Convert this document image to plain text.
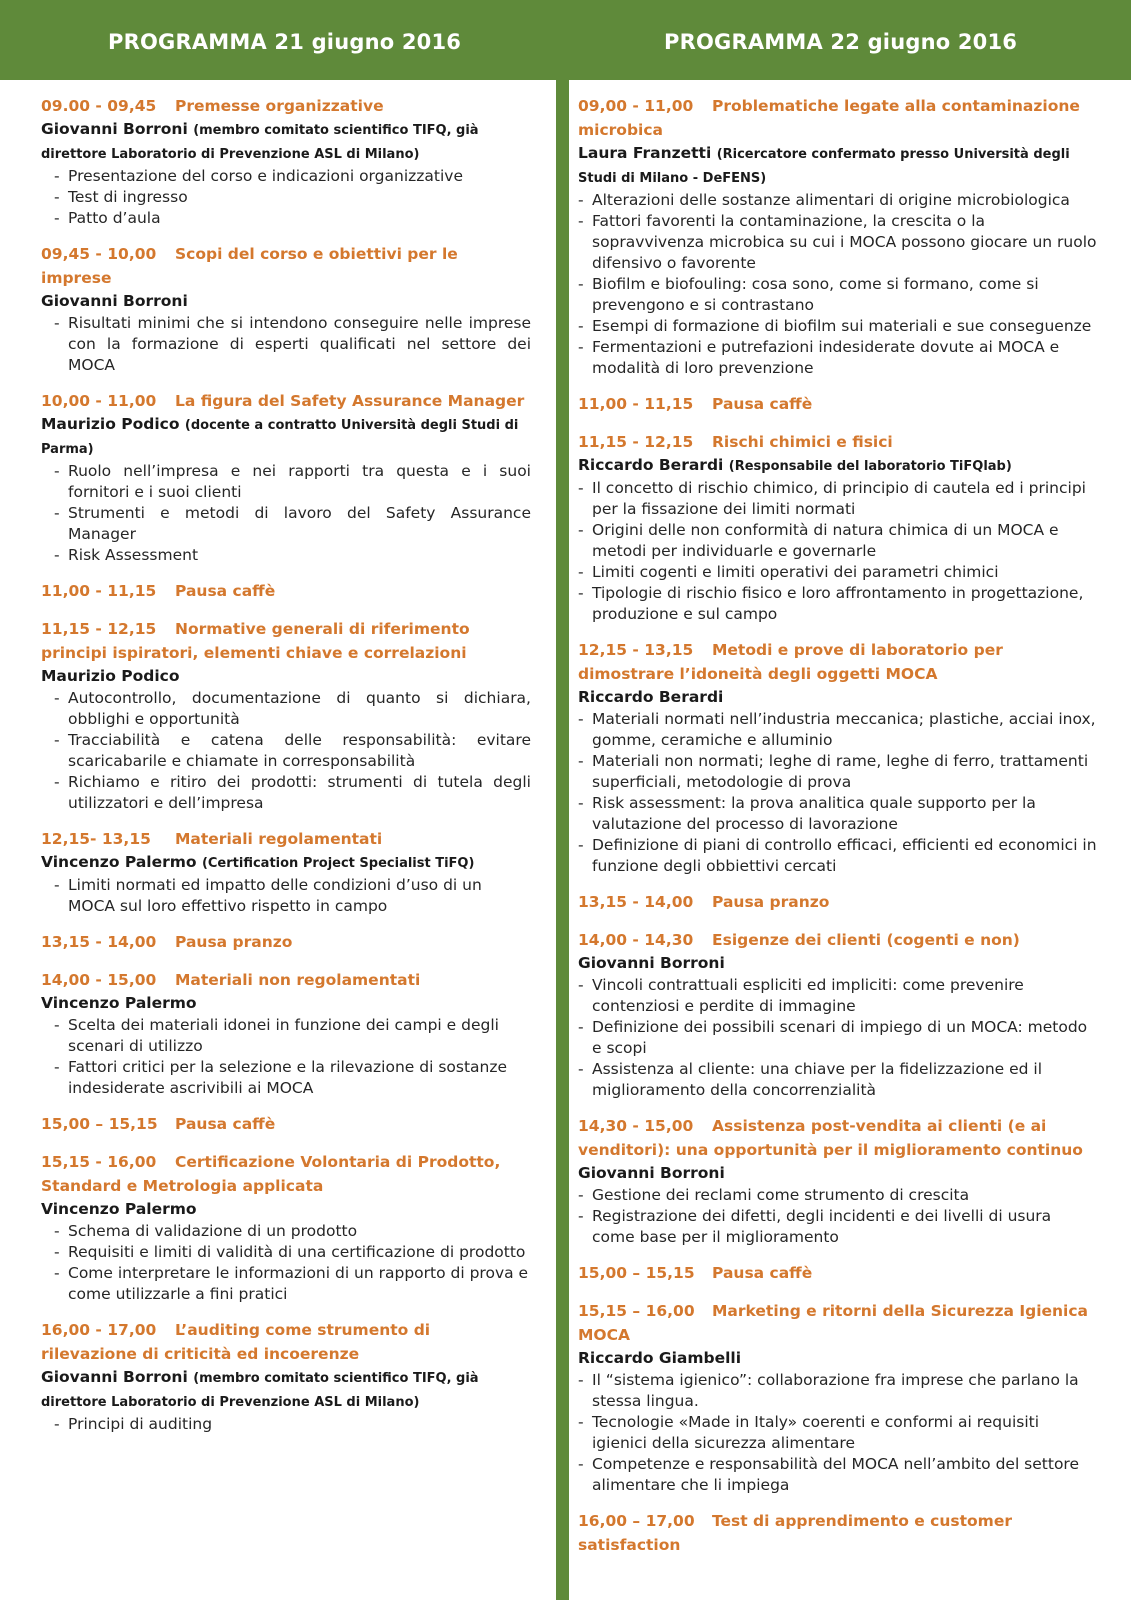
PROGRAMMA 21 giugno 2016	PROGRAMMA 22 giugno 2016
09.00 - 09,45 Premesse organizzative
Giovanni Borroni (membro comitato scientifico TIFQ, già direttore Laboratorio di Prevenzione ASL di Milano)
- Presentazione del corso e indicazioni organizzative
- Test di ingresso
- Patto d’aula
09,45 - 10,00 Scopi del corso e obiettivi per le imprese
Giovanni Borroni
- Risultati minimi che si intendono conseguire nelle imprese con la formazione di esperti qualificati nel settore dei MOCA
10,00 - 11,00 La figura del Safety Assurance Manager
Maurizio Podico (docente a contratto Università degli Studi di Parma)
- Ruolo nell’impresa e nei rapporti tra questa e i suoi fornitori e i suoi clienti
- Strumenti e metodi di lavoro del Safety Assurance Manager
- Risk Assessment
11,00 - 11,15 Pausa caffè
11,15 - 12,15 Normative generali di riferimento principi ispiratori, elementi chiave e correlazioni
Maurizio Podico
- Autocontrollo, documentazione di quanto si dichiara, obblighi e opportunità
- Tracciabilità e catena delle responsabilità: evitare scaricabarile e chiamate in corresponsabilità
- Richiamo e ritiro dei prodotti: strumenti di tutela degli utilizzatori e dell’impresa
12,15- 13,15 Materiali regolamentati
Vincenzo Palermo (Certification Project Specialist TiFQ)
- Limiti normati ed impatto delle condizioni d’uso di un MOCA sul loro effettivo rispetto in campo
13,15 - 14,00 Pausa pranzo
14,00 - 15,00 Materiali non regolamentati
Vincenzo Palermo
- Scelta dei materiali idonei in funzione dei campi e degli scenari di utilizzo
- Fattori critici per la selezione e la rilevazione di sostanze indesiderate ascrivibili ai MOCA
15,00 – 15,15 Pausa caffè
15,15 - 16,00 Certificazione Volontaria di Prodotto, Standard e Metrologia applicata
Vincenzo Palermo
- Schema di validazione di un prodotto
- Requisiti e limiti di validità di una certificazione di prodotto
- Come interpretare le informazioni di un rapporto di prova e come utilizzarle a fini pratici
16,00 - 17,00 L’auditing come strumento di rilevazione di criticità ed incoerenze
Giovanni Borroni (membro comitato scientifico TIFQ, già direttore Laboratorio di Prevenzione ASL di Milano)
- Principi di auditing
09,00 - 11,00 Problematiche legate alla contaminazione microbica
Laura Franzetti (Ricercatore confermato presso Università degli Studi di Milano - DeFENS)
- Alterazioni delle sostanze alimentari di origine microbiologica
- Fattori favorenti la contaminazione, la crescita o la sopravvivenza microbica su cui i MOCA possono giocare un ruolo difensivo o favorente
- Biofilm e biofouling: cosa sono, come si formano, come si prevengono e si contrastano
- Esempi di formazione di biofilm sui materiali e sue conseguenze
- Fermentazioni e putrefazioni indesiderate dovute ai MOCA e modalità di loro prevenzione
11,00 - 11,15 Pausa caffè
11,15 - 12,15 Rischi chimici e fisici
Riccardo Berardi (Responsabile del laboratorio TiFQlab)
- Il concetto di rischio chimico, di principio di cautela ed i principi per la fissazione dei limiti normati
- Origini delle non conformità di natura chimica di un MOCA e metodi per individuarle e governarle
- Limiti cogenti e limiti operativi dei parametri chimici
- Tipologie di rischio fisico e loro affrontamento in progettazione, produzione e sul campo
12,15 - 13,15 Metodi e prove di laboratorio per dimostrare l’idoneità degli oggetti MOCA
Riccardo Berardi
- Materiali normati nell’industria meccanica; plastiche, acciai inox, gomme, ceramiche e alluminio
- Materiali non normati; leghe di rame, leghe di ferro, trattamenti superficiali, metodologie di prova
- Risk assessment: la prova analitica quale supporto per la valutazione del processo di lavorazione
- Definizione di piani di controllo efficaci, efficienti ed economici in funzione degli obbiettivi cercati
13,15 - 14,00 Pausa pranzo
14,00 - 14,30 Esigenze dei clienti (cogenti e non)
Giovanni Borroni
- Vincoli contrattuali espliciti ed impliciti: come prevenire contenziosi e perdite di immagine
- Definizione dei possibili scenari di impiego di un MOCA: metodo e scopi
- Assistenza al cliente: una chiave per la fidelizzazione ed il miglioramento della concorrenzialità
14,30 - 15,00 Assistenza post-vendita ai clienti (e ai venditori): una opportunità per il miglioramento continuo
Giovanni Borroni
- Gestione dei reclami come strumento di crescita
- Registrazione dei difetti, degli incidenti e dei livelli di usura come base per il miglioramento
15,00 – 15,15 Pausa caffè
15,15 – 16,00 Marketing e ritorni della Sicurezza Igienica MOCA
Riccardo Giambelli
- Il “sistema igienico”: collaborazione fra imprese che parlano la stessa lingua.
- Tecnologie «Made in Italy» coerenti e conformi ai requisiti igienici della sicurezza alimentare
- Competenze e responsabilità del MOCA nell’ambito del settore alimentare che li impiega
16,00 – 17,00 Test di apprendimento e customer satisfaction
